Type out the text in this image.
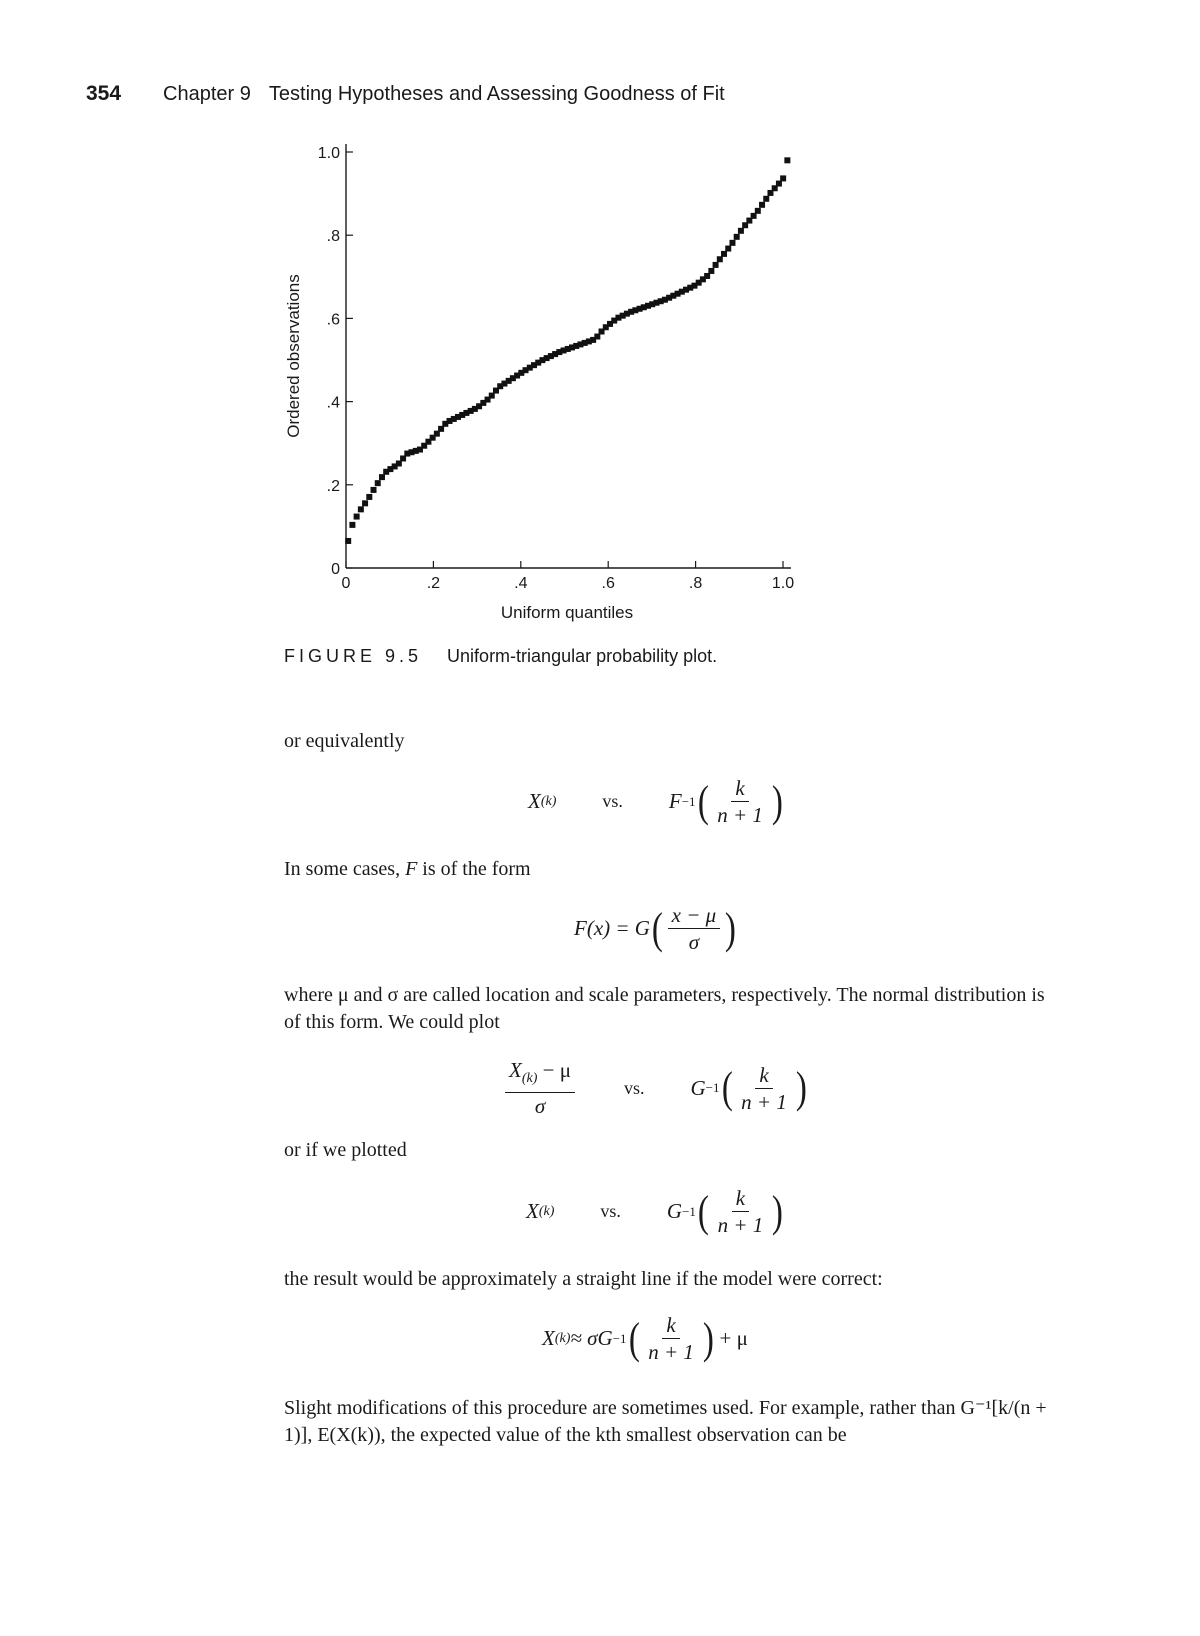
354 Chapter 9 Testing Hypotheses and Assessing Goodness of Fit
0	.2	.4	.6	.8	1.0
0
.2
.4
.6
.8
1.0
Uniform quantiles
Ordered observations
FIGURE 9.5 Uniform-triangular probability plot.
or equivalently
X (k)	vs. F −1 ( $\frac{k}{n + 1}$ )
In some cases, F is of the form
F(x) = G ( $\frac{x - \mu}{\sigma}$ )
where μ and σ are called location and scale parameters, respectively. The normal distribution is of this form. We could plot
$\frac{X_{(k)} - \mu}{\sigma}$	vs. G −1 ( $\frac{k}{n + 1}$ )
or if we plotted
X (k)	vs. G −1 ( $\frac{k}{n + 1}$ )
the result would be approximately a straight line if the model were correct:
X (k) ≈ σG −1 ( $\frac{k}{n + 1}$ ) + μ
Slight modifications of this procedure are sometimes used. For example, rather than G⁻¹[k/(n + 1)], E(X(k)), the expected value of the kth smallest observation can be
